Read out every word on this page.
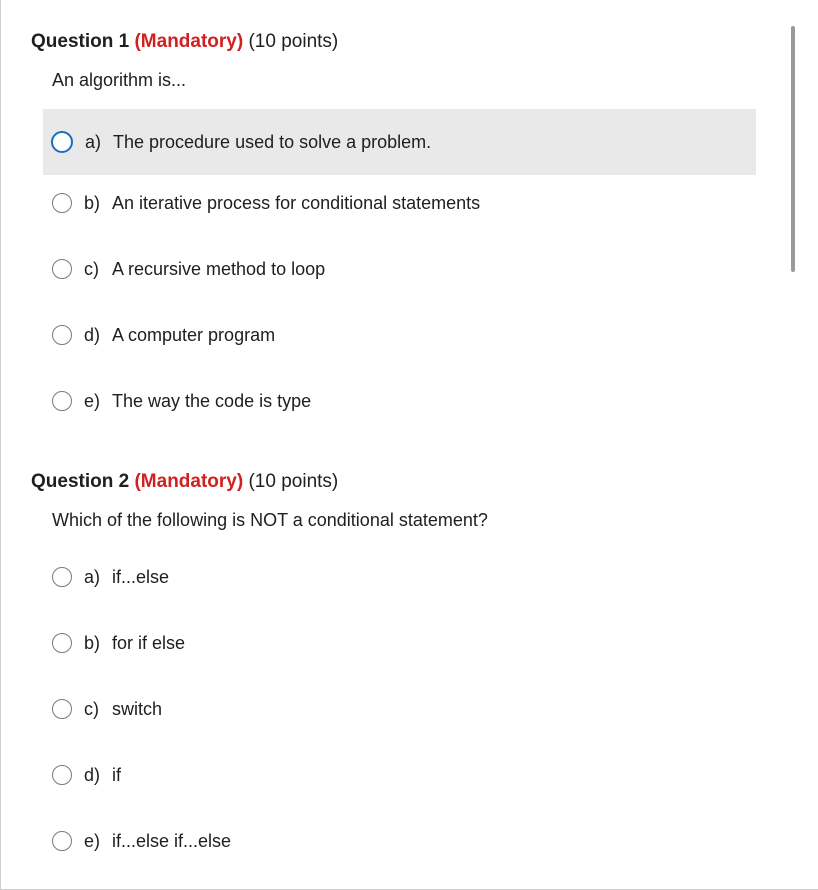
Question 1 (Mandatory) (10 points)
An algorithm is...
a) The procedure used to solve a problem.
b) An iterative process for conditional statements
c) A recursive method to loop
d) A computer program
e) The way the code is type
Question 2 (Mandatory) (10 points)
Which of the following is NOT a conditional statement?
a) if...else
b) for if else
c) switch
d) if
e) if...else if...else
